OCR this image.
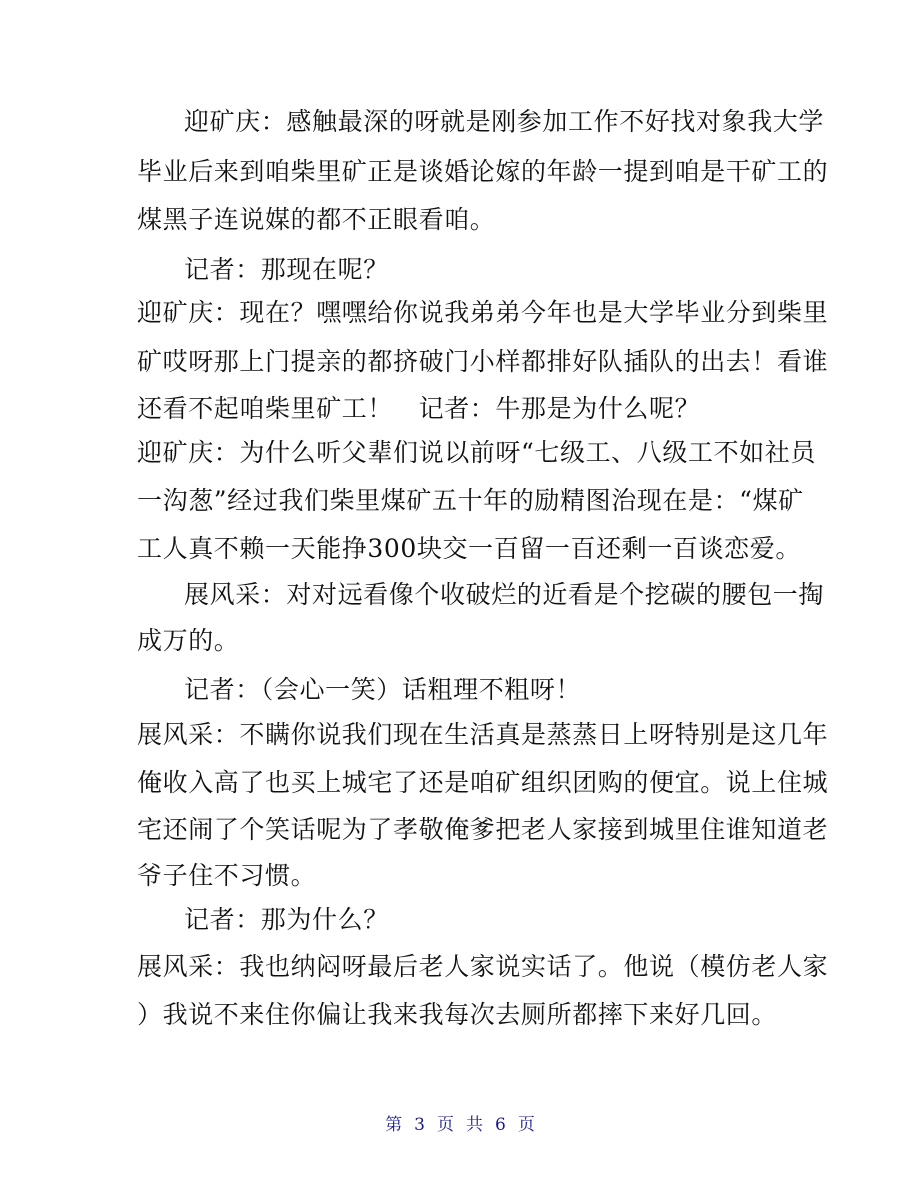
迎矿庆：感触最深的呀就是刚参加工作不好找对象我大学
毕业后来到咱柴里矿正是谈婚论嫁的年龄一提到咱是干矿工的
煤黑子连说媒的都不正眼看咱。
记者：那现在呢？
迎矿庆：现在？嘿嘿给你说我弟弟今年也是大学毕业分到柴里
矿哎呀那上门提亲的都挤破门小样都排好队插队的出去！看谁
还看不起咱柴里矿工！　记者：牛那是为什么呢？
迎矿庆：为什么听父辈们说以前呀“七级工、八级工不如社员
一沟葱”经过我们柴里煤矿五十年的励精图治现在是：“煤矿
工人真不赖一天能挣300块交一百留一百还剩一百谈恋爱。
展风采：对对远看像个收破烂的近看是个挖碳的腰包一掏
成万的。
记者：（会心一笑）话粗理不粗呀！
展风采：不瞒你说我们现在生活真是蒸蒸日上呀特别是这几年
俺收入高了也买上城宅了还是咱矿组织团购的便宜。说上住城
宅还闹了个笑话呢为了孝敬俺爹把老人家接到城里住谁知道老
爷子住不习惯。
记者：那为什么？
展风采：我也纳闷呀最后老人家说实话了。他说（模仿老人家
）我说不来住你偏让我来我每次去厕所都摔下来好几回。
第 3 页 共 6 页
